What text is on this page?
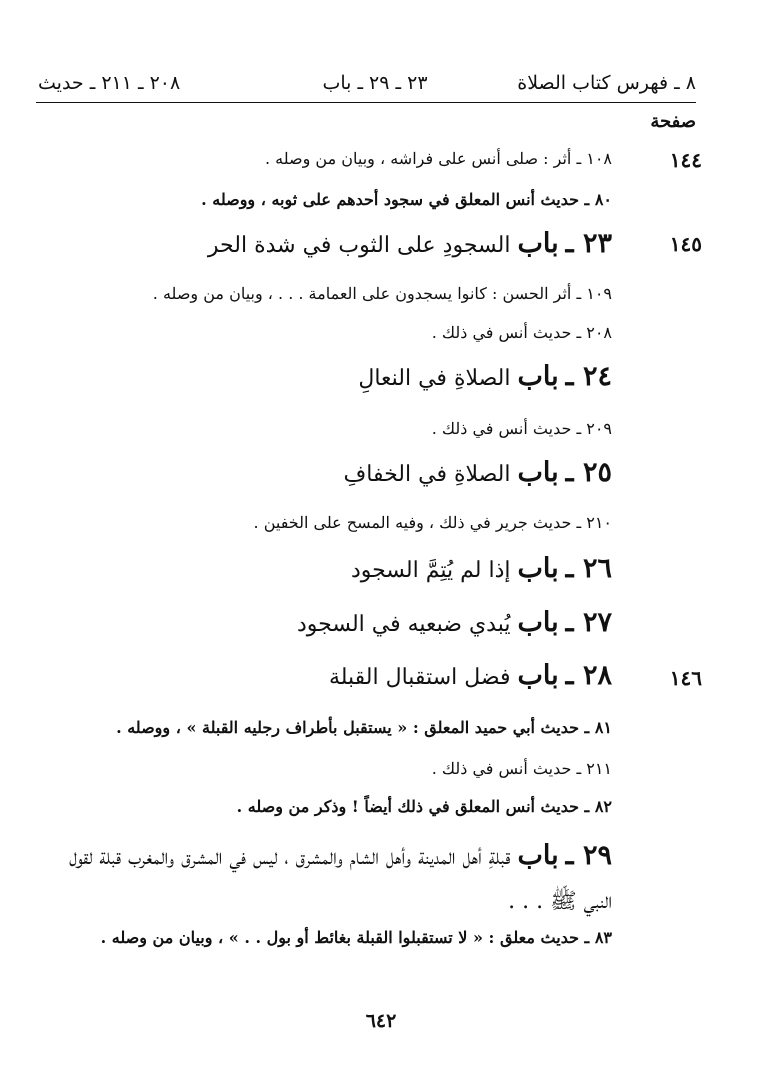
٨ ـ فهرس كتاب الصلاة
٢٣ ـ ٢٩ ـ باب
٢٠٨ ـ ٢١١ ـ حديث
صفحة
١٤٤
١٤٥
١٤٦
١٠٨ ـ أثر : صلى أنس على فراشه ، وبيان من وصله .
٨٠ ـ حديث أنس المعلق في سجود أحدهم على ثوبه ، ووصله .
٢٣ ـ باب السجودِ على الثوب في شدة الحر
١٠٩ ـ أثر الحسن : كانوا يسجدون على العمامة . . . ، وبيان من وصله .
٢٠٨ ـ حديث أنس في ذلك .
٢٤ ـ باب الصلاةِ في النعالِ
٢٠٩ ـ حديث أنس في ذلك .
٢٥ ـ باب الصلاةِ في الخفافِ
٢١٠ ـ حديث جرير في ذلك ، وفيه المسح على الخفين .
٢٦ ـ باب إذا لم يُتِمَّ السجود
٢٧ ـ باب يُبدي ضبعيه في السجود
٢٨ ـ باب فضل استقبال القبلة
٨١ ـ حديث أبي حميد المعلق : « يستقبل بأطراف رجليه القبلة » ، ووصله .
٢١١ ـ حديث أنس في ذلك .
٨٢ ـ حديث أنس المعلق في ذلك أيضاً ! وذكر من وصله .
٢٩ ـ باب قبلةِ أهل المدينة وأهل الشام والمشرق ، ليس في المشرق والمغرب قبلة لقول النبي ﷺ . . .
٨٣ ـ حديث معلق : « لا تستقبلوا القبلة بغائط أو بول . . » ، وبيان من وصله .
٦٤٢
